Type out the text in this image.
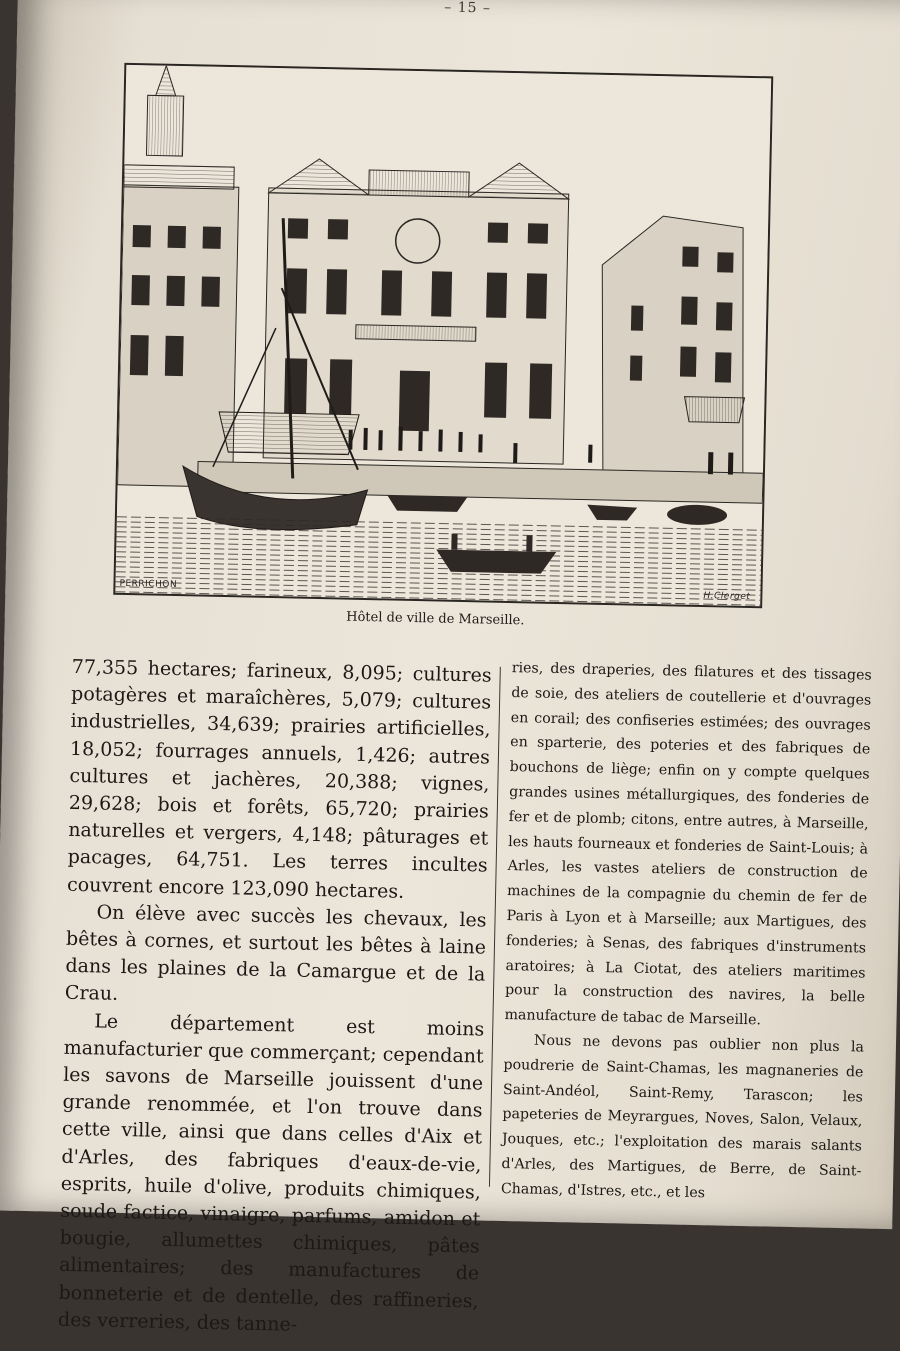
– 15 –
PERRICHON
H.Clerget
Hôtel de ville de Marseille.

77,355 hectares; farineux, 8,095; cultures potagères et maraîchères, 5,079; cultures industrielles, 34,639; prairies artificielles, 18,052; fourrages annuels, 1,426; autres cultures et jachères, 20,388; vignes, 29,628; bois et forêts, 65,720; prairies naturelles et vergers, 4,148; pâturages et pacages, 64,751. Les terres incultes couvrent encore 123,090 hectares.

On élève avec succès les chevaux, les bêtes à cornes, et surtout les bêtes à laine dans les plaines de la Camargue et de la Crau.

Le département est moins manufacturier que commerçant; cependant les savons de Marseille jouissent d'une grande renommée, et l'on trouve dans cette ville, ainsi que dans celles d'Aix et d'Arles, des fabriques d'eaux-de-vie, esprits, huile d'olive, produits chimiques, soude factice, vinaigre, parfums, amidon et bougie, allumettes chimiques, pâtes alimentaires; des manufactures de bonneterie et de dentelle, des raffineries, des verreries, des tanne-

ries, des draperies, des filatures et des tissages de soie, des ateliers de coutellerie et d'ouvrages en corail; des confiseries estimées; des ouvrages en sparterie, des poteries et des fabriques de bouchons de liège; enfin on y compte quelques grandes usines métallurgiques, des fonderies de fer et de plomb; citons, entre autres, à Marseille, les hauts fourneaux et fonderies de Saint-Louis; à Arles, les vastes ateliers de construction de machines de la compagnie du chemin de fer de Paris à Lyon et à Marseille; aux Martigues, des fonderies; à Senas, des fabriques d'instruments aratoires; à La Ciotat, des ateliers maritimes pour la construction des navires, la belle manufacture de tabac de Marseille.

Nous ne devons pas oublier non plus la poudrerie de Saint-Chamas, les magnaneries de Saint-Andéol, Saint-Remy, Tarascon; les papeteries de Meyrargues, Noves, Salon, Velaux, Jouques, etc.; l'exploitation des marais salants d'Arles, des Martigues, de Berre, de Saint-Chamas, d'Istres, etc., et les
